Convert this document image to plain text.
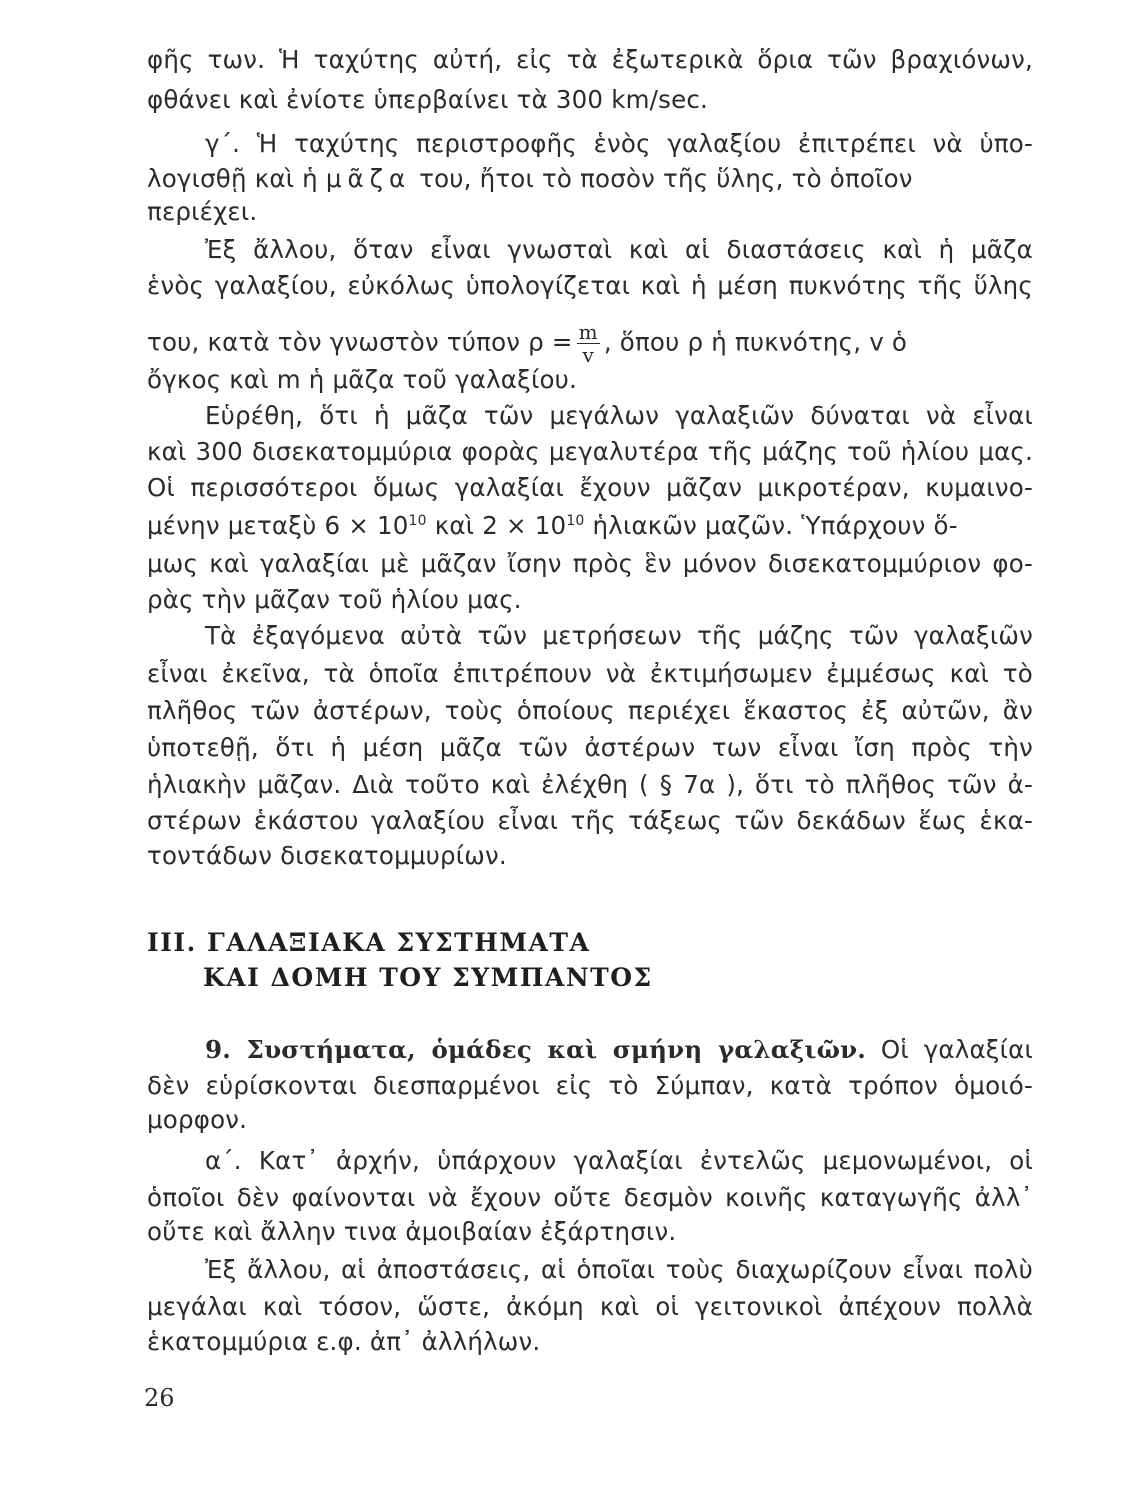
φῆς των. Ἡ ταχύτης αὐτή, εἰς τὰ ἐξωτερικὰ ὅρια τῶν βραχιόνων,
φθάνει καὶ ἐνίοτε ὑπερβαίνει τὰ 300 km/sec.
γ΄. Ἡ ταχύτης περιστροφῆς ἑνὸς γαλαξίου ἐπιτρέπει νὰ ὑπο-
λογισθῇ καὶ ἡ μᾶζα του, ἤτοι τὸ ποσὸν τῆς ὕλης, τὸ ὁποῖον
περιέχει.
Ἐξ ἄλλου, ὅταν εἶναι γνωσταὶ καὶ αἱ διαστάσεις καὶ ἡ μᾶζα
ἑνὸς γαλαξίου, εὐκόλως ὑπολογίζεται καὶ ἡ μέση πυκνότης τῆς ὕλης
του, κατὰ τὸν γνωστὸν τύπον $\rho = \frac{m}{v}$ , ὅπου ρ ἡ πυκνότης, v ὁ
ὄγκος καὶ m ἡ μᾶζα τοῦ γαλαξίου.
Εὑρέθη, ὅτι ἡ μᾶζα τῶν μεγάλων γαλαξιῶν δύναται νὰ εἶναι
καὶ 300 δισεκατομμύρια φορὰς μεγαλυτέρα τῆς μάζης τοῦ ἡλίου μας.
Οἱ περισσότεροι ὅμως γαλαξίαι ἔχουν μᾶζαν μικροτέραν, κυμαινο-
μένην μεταξὺ $6 \times 10^{10}$ καὶ $2 \times 10^{10}$ ἡλιακῶν μαζῶν. Ὑπάρχουν ὅ-
μως καὶ γαλαξίαι μὲ μᾶζαν ἴσην πρὸς ἓν μόνον δισεκατομμύριον φο-
ρὰς τὴν μᾶζαν τοῦ ἡλίου μας.
Τὰ ἐξαγόμενα αὐτὰ τῶν μετρήσεων τῆς μάζης τῶν γαλαξιῶν
εἶναι ἐκεῖνα, τὰ ὁποῖα ἐπιτρέπουν νὰ ἐκτιμήσωμεν ἐμμέσως καὶ τὸ
πλῆθος τῶν ἀστέρων, τοὺς ὁποίους περιέχει ἕκαστος ἐξ αὐτῶν, ἂν
ὑποτεθῇ, ὅτι ἡ μέση μᾶζα τῶν ἀστέρων των εἶναι ἴση πρὸς τὴν
ἡλιακὴν μᾶζαν. Διὰ τοῦτο καὶ ἐλέχθη ( § 7α ), ὅτι τὸ πλῆθος τῶν ἀ-
στέρων ἑκάστου γαλαξίου εἶναι τῆς τάξεως τῶν δεκάδων ἕως ἑκα-
τοντάδων δισεκατομμυρίων.
III. ΓΑΛΑΞΙΑΚΑ ΣΥΣΤΗΜΑΤΑ
ΚΑΙ ΔΟΜΗ ΤΟΥ ΣΥΜΠΑΝΤΟΣ
9. Συστήματα, ὁμάδες καὶ σμήνη γαλαξιῶν. Οἱ γαλαξίαι
δὲν εὑρίσκονται διεσπαρμένοι εἰς τὸ Σύμπαν, κατὰ τρόπον ὁμοιό-
μορφον.
α΄. Κατ᾽ ἀρχήν, ὑπάρχουν γαλαξίαι ἐντελῶς μεμονωμένοι, οἱ
ὁποῖοι δὲν φαίνονται νὰ ἔχουν οὔτε δεσμὸν κοινῆς καταγωγῆς ἀλλ᾽
οὔτε καὶ ἄλλην τινα ἀμοιβαίαν ἐξάρτησιν.
Ἐξ ἄλλου, αἱ ἀποστάσεις, αἱ ὁποῖαι τοὺς διαχωρίζουν εἶναι πολὺ
μεγάλαι καὶ τόσον, ὥστε, ἀκόμη καὶ οἱ γειτονικοὶ ἀπέχουν πολλὰ
ἑκατομμύρια ε.φ. ἀπ᾽ ἀλλήλων.
26
